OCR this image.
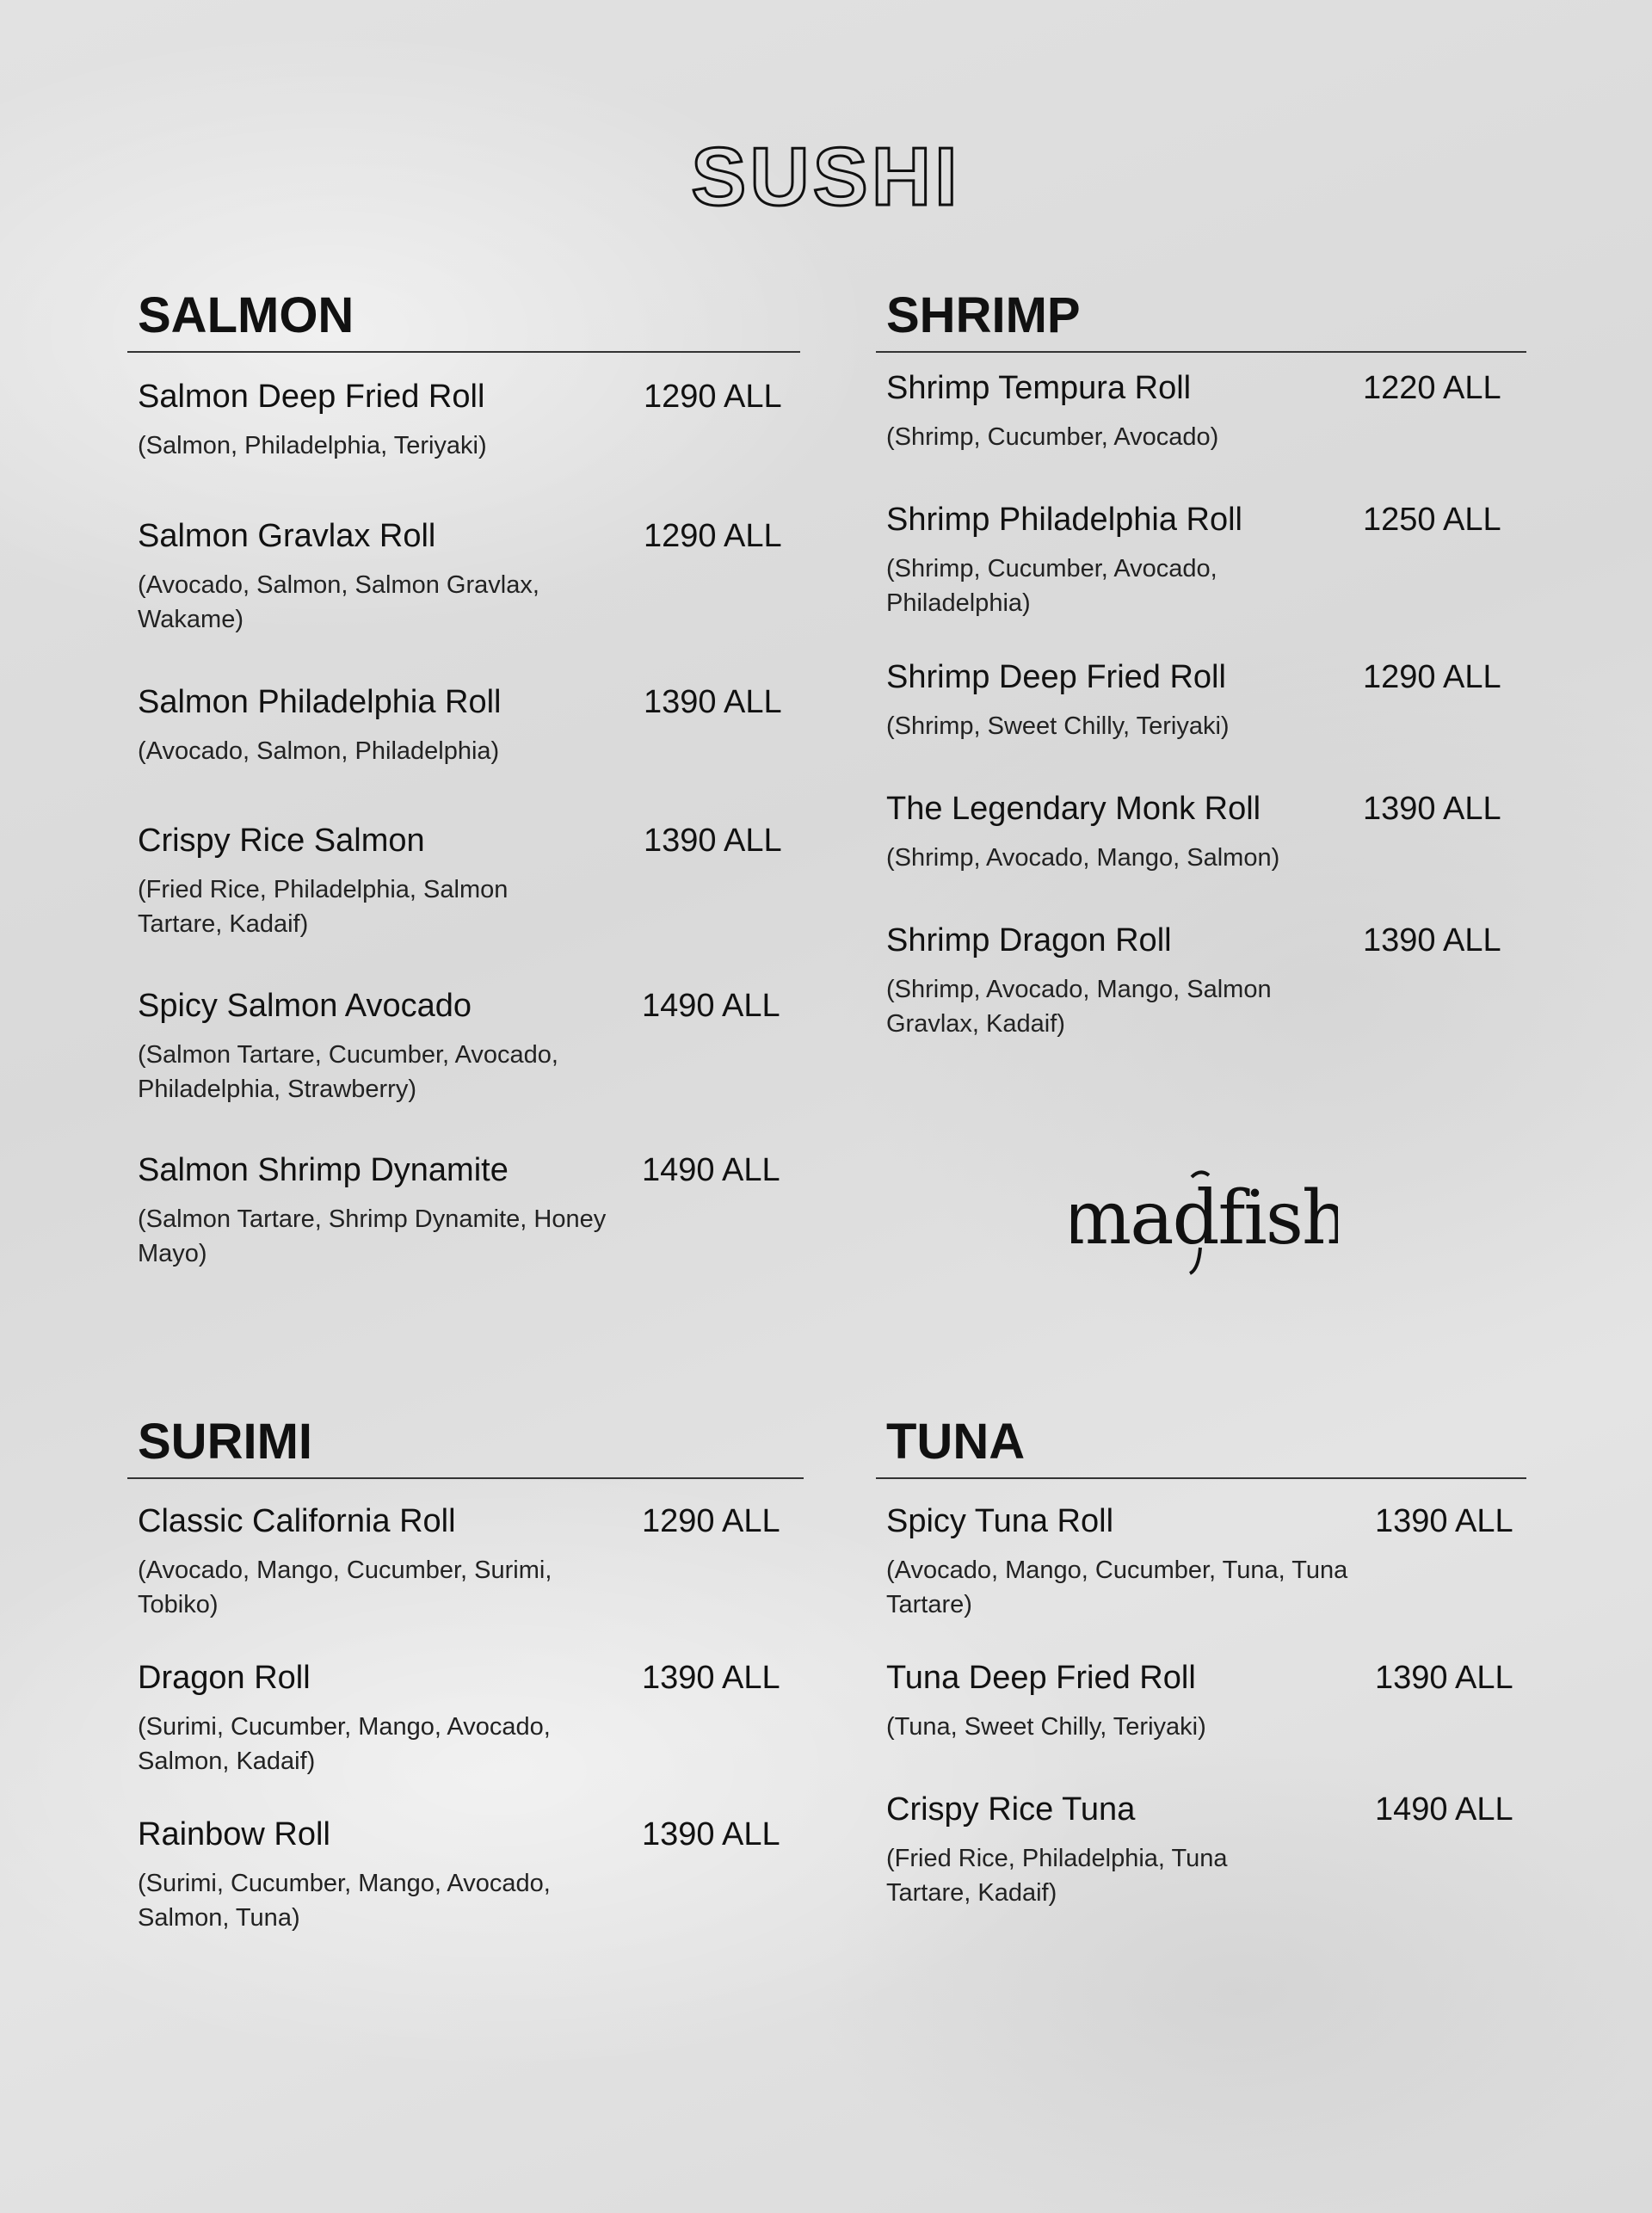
SUSHI
SALMON
Salmon Deep Fried Roll	1290 ALL
(Salmon, Philadelphia, Teriyaki)
Salmon Gravlax Roll	1290 ALL
(Avocado, Salmon, Salmon Gravlax, Wakame)
Salmon Philadelphia Roll	1390 ALL
(Avocado, Salmon, Philadelphia)
Crispy Rice Salmon	1390 ALL
(Fried Rice, Philadelphia, Salmon Tartare, Kadaif)
Spicy Salmon Avocado	1490 ALL
(Salmon Tartare, Cucumber, Avocado, Philadelphia, Strawberry)
Salmon Shrimp Dynamite	1490 ALL
(Salmon Tartare, Shrimp Dynamite, Honey Mayo)
SHRIMP
Shrimp Tempura Roll	1220 ALL
(Shrimp, Cucumber, Avocado)
Shrimp Philadelphia Roll	1250 ALL
(Shrimp, Cucumber, Avocado, Philadelphia)
Shrimp Deep Fried Roll	1290 ALL
(Shrimp, Sweet Chilly, Teriyaki)
The Legendary Monk Roll	1390 ALL
(Shrimp, Avocado, Mango, Salmon)
Shrimp Dragon Roll	1390 ALL
(Shrimp, Avocado, Mango, Salmon Gravlax, Kadaif)
madfish
SURIMI
Classic California Roll	1290 ALL
(Avocado, Mango, Cucumber, Surimi, Tobiko)
Dragon Roll	1390 ALL
(Surimi, Cucumber, Mango, Avocado, Salmon, Kadaif)
Rainbow Roll	1390 ALL
(Surimi, Cucumber, Mango, Avocado, Salmon, Tuna)
TUNA
Spicy Tuna Roll	1390 ALL
(Avocado, Mango, Cucumber, Tuna, Tuna Tartare)
Tuna Deep Fried Roll	1390 ALL
(Tuna, Sweet Chilly, Teriyaki)
Crispy Rice Tuna	1490 ALL
(Fried Rice, Philadelphia, Tuna Tartare, Kadaif)
